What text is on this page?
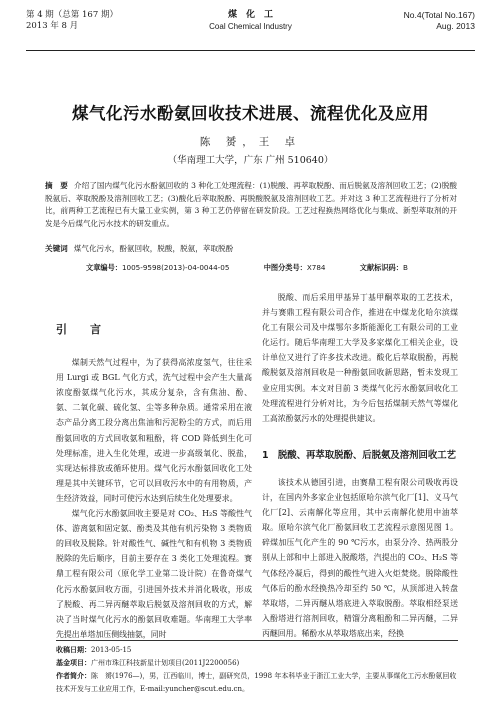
第 4 期（总第 167 期）
2013 年 8 月
煤　化　工
Coal Chemical Industry
No.4(Total No.167)
Aug. 2013
煤气化污水酚氨回收技术进展、流程优化及应用
陈 赟，王 卓
（华南理工大学，广东 广州 510640）
摘　要 介绍了国内煤气化污水酚氨回收的 3 种化工处理流程：(1)脱酸、再萃取脱酚、而后脱氨及溶剂回收工艺；(2)脱酸脱氨后、萃取脱酚及溶剂回收工艺；(3)酸化后萃取脱酚、再脱酸脱氨及溶剂回收工艺。并对这 3 种工艺流程进行了分析对比，前两种工艺流程已有大量工业实例，第 3 种工艺仍停留在研发阶段。工艺过程换热网络优化与集成、新型萃取剂的开发是今后煤气化污水技术的研发重点。
关键词 煤气化污水，酚氨回收，脱酸，脱氨，萃取脱酚
文章编号：1005-9598(2013)-04-0044-05	中图分类号：X784	文献标识码：B
引　言

煤制天然气过程中，为了获得高浓度氢气，往往采用 Lurgi 或 BGL 气化方式，洗气过程中会产生大量高浓度酚氨煤气化污水，其成分复杂，含有焦油、酚、氨、二氧化碳、硫化氢、尘等多种杂质。通常采用在液态产品分离工段分离出焦油和污泥粉尘的方式，而后用酚氨回收的方式回收氨和粗酚，将 COD 降低到生化可处理标准，进入生化处理，或进一步高级氧化、脱盐，实现达标排放或循环使用。煤气化污水酚氨回收化工处理是其中关键环节，它可以回收污水中的有用物质，产生经济效益，同时可使污水达到后续生化处理要求。

煤气化污水酚氨回收主要是对 CO₂、H₂S 等酸性气体、游离氨和固定氨、酚类及其他有机污染物 3 类物质的回收及脱除。针对酸性气、碱性气和有机物 3 类物质脱除的先后顺序，目前主要存在 3 类化工处理流程。赛鼎工程有限公司（原化学工业第二设计院）在鲁奇煤气化污水酚氨回收方面，引进国外技术并消化吸收，形成了脱酸、再二异丙醚萃取后脱氨及溶剂回收的方式，解决了当时煤气化污水的酚氨回收难题。华南理工大学率先提出单塔加压侧线抽氨，同时

脱酸、而后采用甲基异丁基甲酮萃取的工艺技术，并与赛鼎工程有限公司合作，推进在中煤龙化哈尔滨煤化工有限公司及中煤鄂尔多斯能源化工有限公司的工业化运行。随后华南理工大学及多家煤化工相关企业，设计单位又进行了许多技术改进。酸化后萃取脱酚，再脱酸脱氨及溶剂回收是一种酚氨回收新思路，暂未发现工业应用实例。本文对目前 3 类煤气化污水酚氨回收化工处理流程进行分析对比，为今后包括煤制天然气等煤化工高浓酚氨污水的处理提供建议。

1　脱酸、再萃取脱酚、后脱氨及溶剂回收工艺

该技术从德国引进，由赛鼎工程有限公司吸收再设计，在国内外多家企业包括原哈尔滨气化厂[1]、义马气化厂[2]、云南解化等应用，其中云南解化使用中油萃取。原哈尔滨气化厂酚氨回收工艺流程示意图见图 1。碎煤加压气化产生的 90 ℃污水，由泵分冷、热两股分别从上部和中上部进入脱酸塔，汽提出的 CO₂、H₂S 等气体经冷凝后，得到的酸性气进入火炬焚烧。脱除酸性气体后的酚水经换热冷却至约 50 ℃，从顶部进入转盘萃取塔，二异丙醚从塔底进入萃取脱酚。萃取相经泵送入酚塔进行溶剂回收，精馏分离粗酚和二异丙醚，二异丙醚回用。稀酚水从萃取塔底出来，经换

收稿日期：2013-05-15
基金项目：广州市珠江科技新星计划项目(2011J2200056)
作者简介：陈　赟(1976—)，男，江西临川，博士，副研究员，1998 年本科毕业于浙江工业大学，主要从事煤化工污水酚氨回收技术开发与工业应用工作，E-mail:yuncher@scut.edu.cn。
